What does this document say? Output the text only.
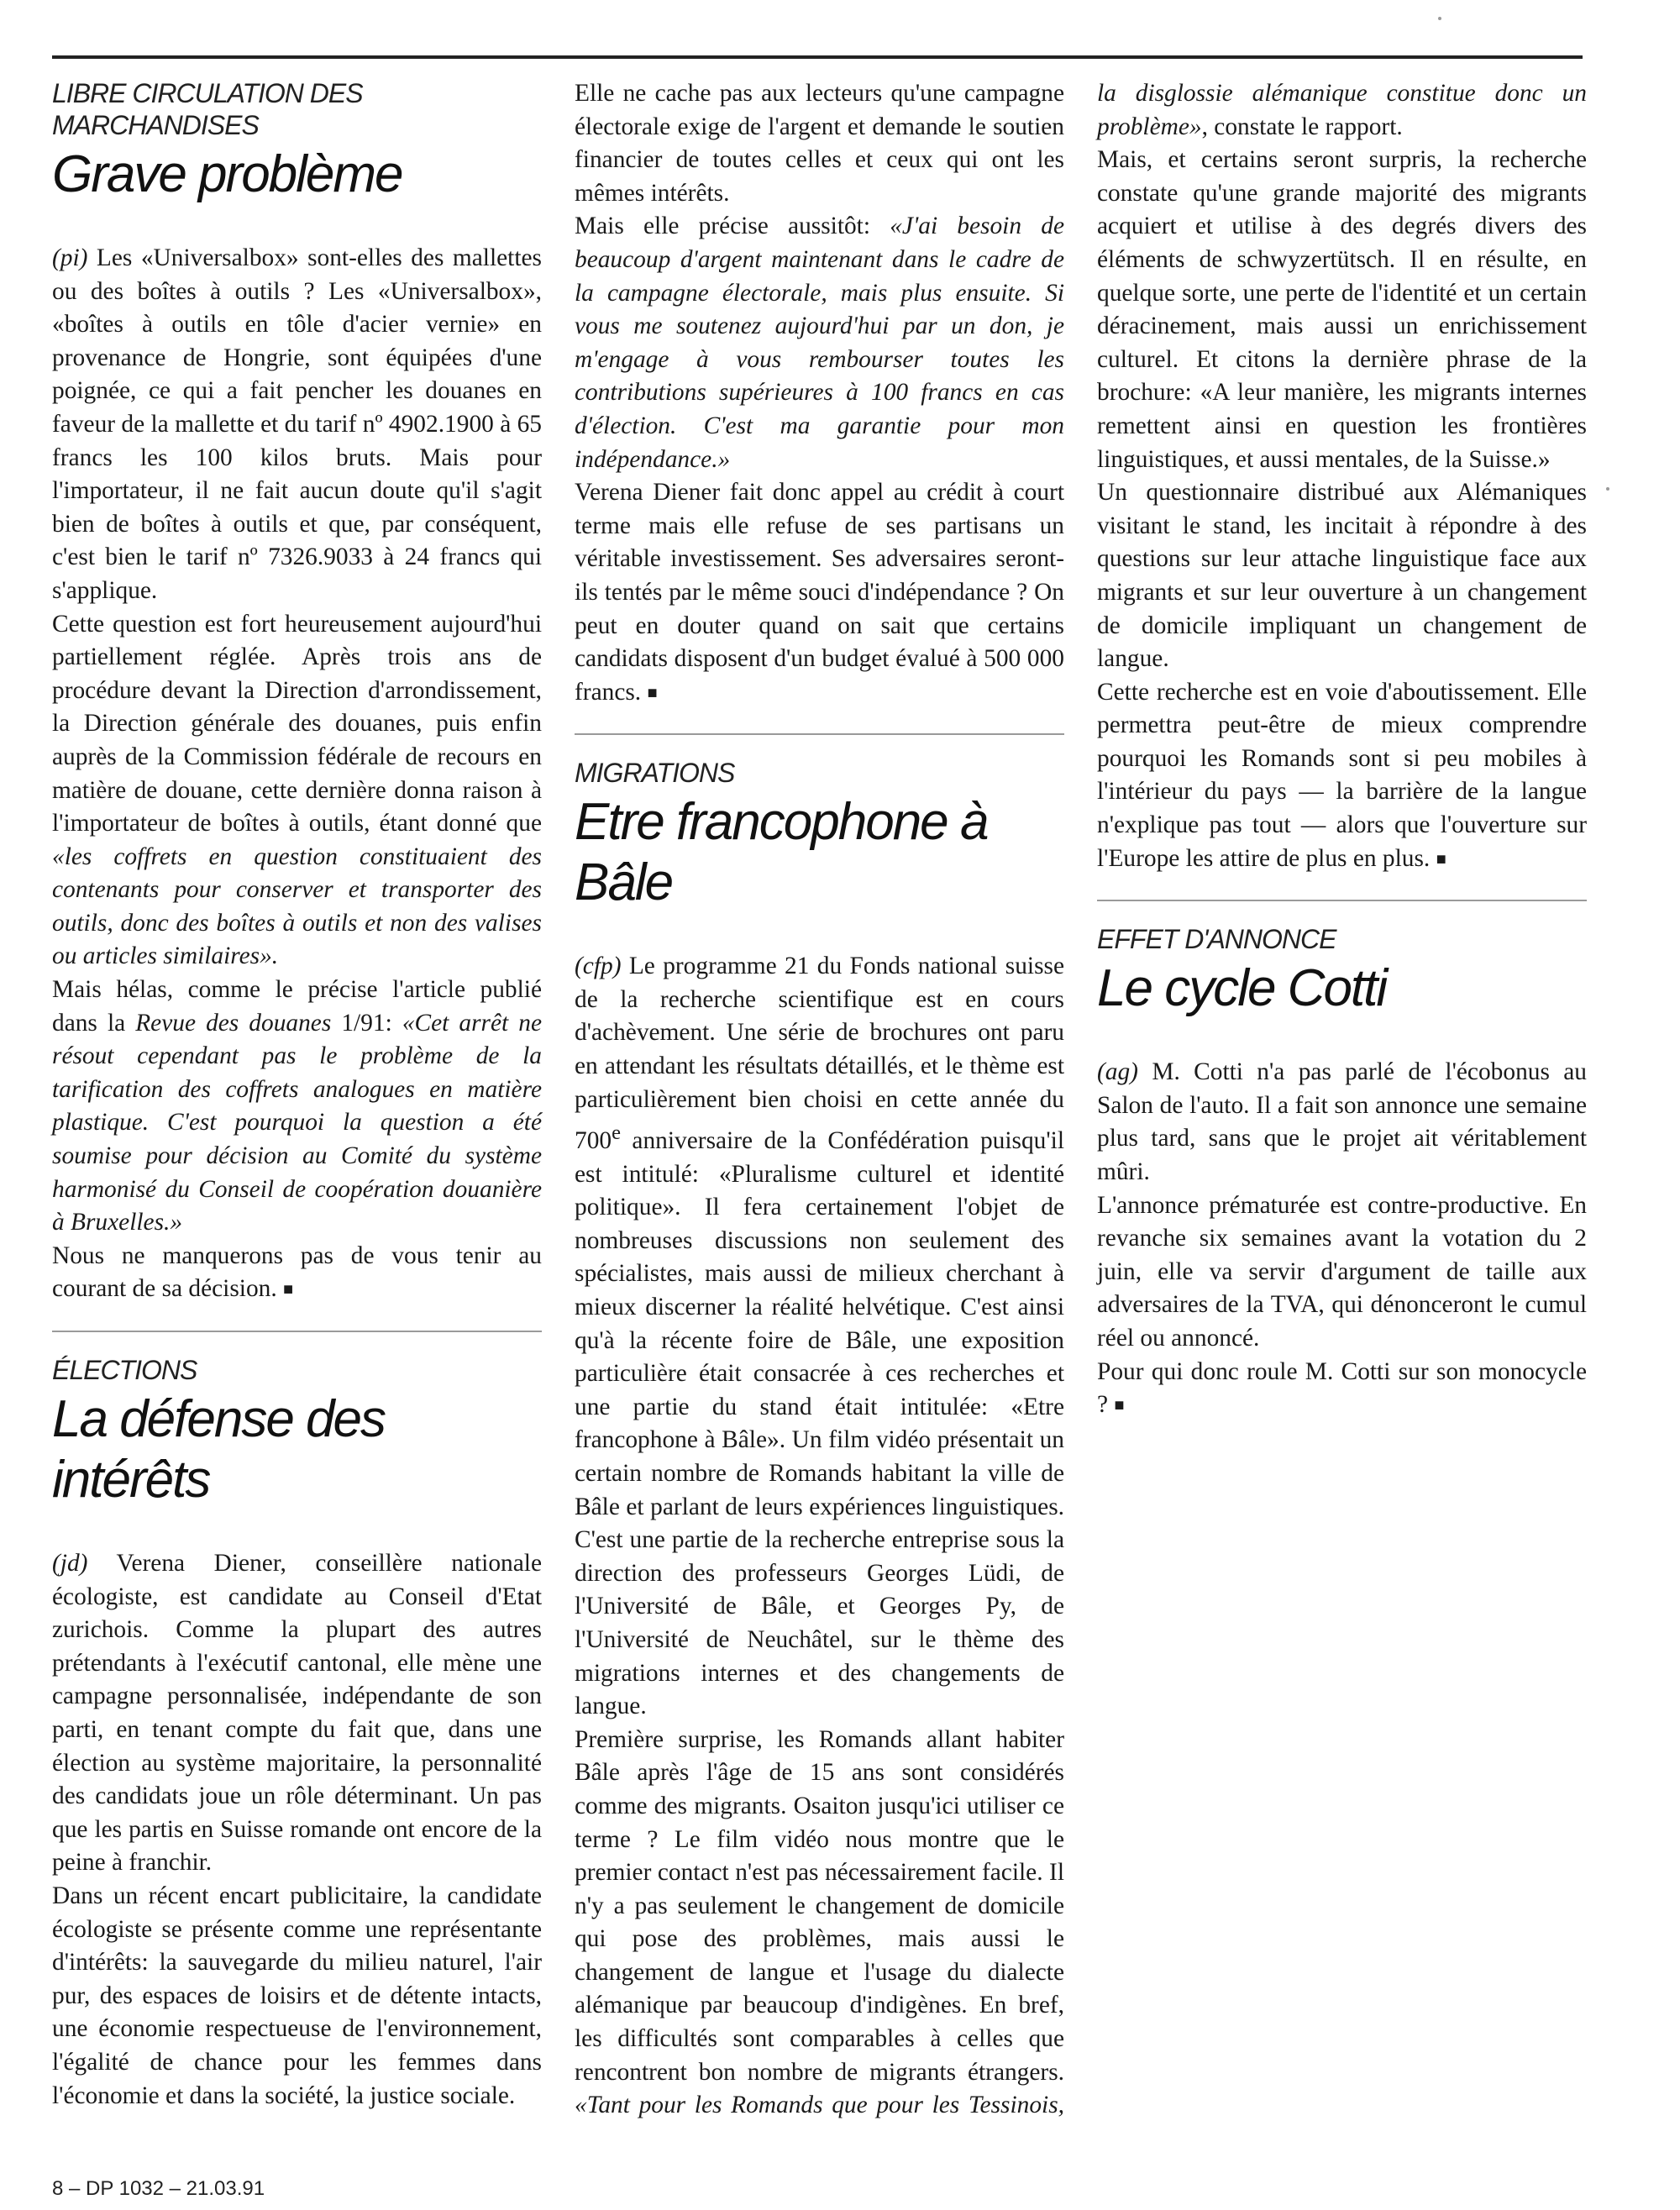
8 – DP 1032 – 21.03.91
LIBRE CIRCULATION DES MARCHANDISES
Grave problème

(pi) Les «Universalbox» sont-elles des mallettes ou des boîtes à outils ? Les «Universalbox», «boîtes à outils en tôle d'acier vernie» en provenance de Hongrie, sont équipées d'une poignée, ce qui a fait pencher les douanes en faveur de la mallette et du tarif nº 4902.1900 à 65 francs les 100 kilos bruts. Mais pour l'importateur, il ne fait aucun doute qu'il s'agit bien de boîtes à outils et que, par conséquent, c'est bien le tarif nº 7326.9033 à 24 francs qui s'applique.

Cette question est fort heureusement aujourd'hui partiellement réglée. Après trois ans de procédure devant la Direction d'arrondissement, la Direction générale des douanes, puis enfin auprès de la Commission fédérale de recours en matière de douane, cette dernière donna raison à l'importateur de boîtes à outils, étant donné que «les coffrets en question constituaient des contenants pour conserver et transporter des outils, donc des boîtes à outils et non des valises ou articles similaires».

Mais hélas, comme le précise l'article publié dans la Revue des douanes 1/91: «Cet arrêt ne résout cependant pas le problème de la tarification des coffrets analogues en matière plastique. C'est pourquoi la question a été soumise pour décision au Comité du système harmonisé du Conseil de coopération douanière à Bruxelles.»

Nous ne manquerons pas de vous tenir au courant de sa décision. ■

ÉLECTIONS
La défense des intérêts

(jd) Verena Diener, conseillère nationale écologiste, est candidate au Conseil d'Etat zurichois. Comme la plupart des autres prétendants à l'exécutif cantonal, elle mène une campagne personnalisée, indépendante de son parti, en tenant compte du fait que, dans une élection au système majoritaire, la personnalité des candidats joue un rôle déterminant. Un pas que les partis en Suisse romande ont encore de la peine à franchir.

Dans un récent encart publicitaire, la candidate écologiste se présente comme une représentante d'intérêts: la sauvegarde du milieu naturel, l'air pur, des espaces de loisirs et de détente intacts, une économie respectueuse de l'environnement, l'égalité de chance pour les femmes dans l'économie et dans la société, la justice sociale.

Elle ne cache pas aux lecteurs qu'une campagne électorale exige de l'argent et demande le soutien financier de toutes celles et ceux qui ont les mêmes intérêts.

Mais elle précise aussitôt: «J'ai besoin de beaucoup d'argent maintenant dans le cadre de la campagne électorale, mais plus ensuite. Si vous me soutenez aujourd'hui par un don, je m'engage à vous rembourser toutes les contributions supérieures à 100 francs en cas d'élection. C'est ma garantie pour mon indépendance.»

Verena Diener fait donc appel au crédit à court terme mais elle refuse de ses partisans un véritable investissement. Ses adversaires seront-ils tentés par le même souci d'indépendance ? On peut en douter quand on sait que certains candidats disposent d'un budget évalué à 500 000 francs. ■

MIGRATIONS
Etre francophone à Bâle

(cfp) Le programme 21 du Fonds national suisse de la recherche scientifique est en cours d'achèvement. Une série de brochures ont paru en attendant les résultats détaillés, et le thème est particulièrement bien choisi en cette année du 700e anniversaire de la Confédération puisqu'il est intitulé: «Pluralisme culturel et identité politique». Il fera certainement l'objet de nombreuses discussions non seulement des spécialistes, mais aussi de milieux cherchant à mieux discerner la réalité helvétique. C'est ainsi qu'à la récente foire de Bâle, une exposition particulière était consacrée à ces recherches et une partie du stand était intitulée: «Etre francophone à Bâle». Un film vidéo présentait un certain nombre de Romands habitant la ville de Bâle et parlant de leurs expériences linguistiques. C'est une partie de la recherche entreprise sous la direction des professeurs Georges Lüdi, de l'Université de Bâle, et Georges Py, de l'Université de Neuchâtel, sur le thème des migrations internes et des changements de langue.

Première surprise, les Romands allant habiter Bâle après l'âge de 15 ans sont considérés comme des migrants. Osaiton jusqu'ici utiliser ce terme ? Le film vidéo nous montre que le premier contact n'est pas nécessairement facile. Il n'y a pas seulement le changement de domicile qui pose des problèmes, mais aussi le changement de langue et l'usage du dialecte alémanique par beaucoup d'indigènes. En bref, les difficultés sont comparables à celles que rencontrent bon nombre de migrants étrangers. «Tant pour les Romands que pour les Tessinois, la disglossie alémanique constitue donc un problème», constate le rapport.

Mais, et certains seront surpris, la recherche constate qu'une grande majorité des migrants acquiert et utilise à des degrés divers des éléments de schwyzertütsch. Il en résulte, en quelque sorte, une perte de l'identité et un certain déracinement, mais aussi un enrichissement culturel. Et citons la dernière phrase de la brochure: «A leur manière, les migrants internes remettent ainsi en question les frontières linguistiques, et aussi mentales, de la Suisse.»

Un questionnaire distribué aux Alémaniques visitant le stand, les incitait à répondre à des questions sur leur attache linguistique face aux migrants et sur leur ouverture à un changement de domicile impliquant un changement de langue.

Cette recherche est en voie d'aboutissement. Elle permettra peut-être de mieux comprendre pourquoi les Romands sont si peu mobiles à l'intérieur du pays — la barrière de la langue n'explique pas tout — alors que l'ouverture sur l'Europe les attire de plus en plus. ■

EFFET D'ANNONCE
Le cycle Cotti

(ag) M. Cotti n'a pas parlé de l'écobonus au Salon de l'auto. Il a fait son annonce une semaine plus tard, sans que le projet ait véritablement mûri.

L'annonce prématurée est contre-productive. En revanche six semaines avant la votation du 2 juin, elle va servir d'argument de taille aux adversaires de la TVA, qui dénonceront le cumul réel ou annoncé.

Pour qui donc roule M. Cotti sur son monocycle ? ■
